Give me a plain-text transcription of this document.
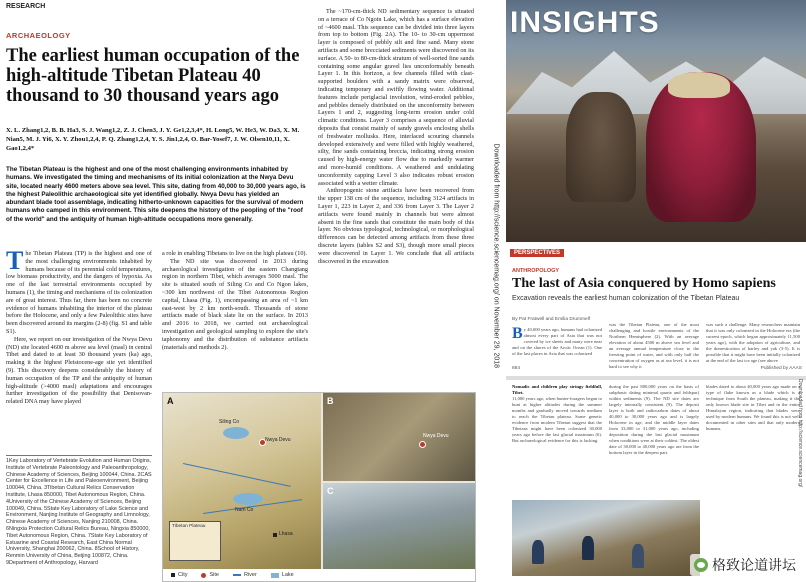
RESEARCH
ARCHAEOLOGY
The earliest human occupation of the high-altitude Tibetan Plateau 40 thousand to 30 thousand years ago
X. L. Zhang1,2, B. B. Ha3, S. J. Wang1,2, Z. J. Chen3, J. Y. Ge1,2,3,4*, H. Long5, W. He3, W. Da3, X. M. Nian5, M. J. Yi6, X. Y. Zhou1,2,4, P. Q. Zhang1,2,4, Y. S. Jin1,2,4, O. Bar-Yosef7, J. W. Olsen10,11, X. Gao1,2,4*
The Tibetan Plateau is the highest and one of the most challenging environments inhabited by humans. We investigated the timing and mechanisms of its initial colonization at the Nwya Devu site, located nearly 4600 meters above sea level. This site, dating from 40,000 to 30,000 years ago, is the highest Paleolithic archaeological site yet identified globally. Nwya Devu has yielded an abundant blade tool assemblage, indicating hitherto-unknown capacities for the survival of modern humans who camped in this environment. This site deepens the history of the peopling of the "roof of the world" and the antiquity of human high-altitude occupations more generally.
The Tibetan Plateau (TP) is the highest and one of the most challenging environments inhabited by humans because of its perennial cold temperatures, low biomass productivity, and the dangers of hypoxia. As one of the last terrestrial environments occupied by humans (1), the timing and mechanisms of its colonization are of great interest. Thus far, there has been no concrete evidence of humans inhabiting the interior of the plateau before the Holocene, and only a few Paleolithic sites have been discovered around its margins (2-8) (fig. S1 and table S1).
Here, we report on our investigation of the Nwya Devu (ND) site located 4600 m above sea level (masl) in central Tibet and dated to at least 30 thousand years (ka) ago, making it the highest Pleistocene-age site yet identified (9). This discovery deepens considerably the history of human occupation of the TP and the antiquity of human high-altitude (>4000 masl) adaptations and encourages further investigation of the possibility that Denisovan-related DNA may have played
1Key Laboratory of Vertebrate Evolution and Human Origins, Institute of Vertebrate Paleontology and Paleoanthropology, Chinese Academy of Sciences, Beijing 100044, China. 2CAS Center for Excellence in Life and Paleoenvironment, Beijing 100044, China. 3Tibetan Cultural Relics Conservation Institute, Lhasa 850000, Tibet Autonomous Region, China. 4University of the Chinese Academy of Sciences, Beijing 100049, China. 5State Key Laboratory of Lake Science and Environment, Nanjing Institute of Geography and Limnology, Chinese Academy of Sciences, Nanjing 210008, China. 6Ningxia Protection Cultural Relics Bureau, Ningxia 850000, Tibet Autonomous Region, China. 7State Key Laboratory of Estuarine and Coastal Research, East China Normal University, Shanghai 200062, China. 8School of History, Renmin University of China, Beijing 100872, China. 9Department of Anthropology, Harvard
a role in enabling Tibetans to live on the high plateau (10).
The ND site was discovered in 2013 during archaeological investigation of the eastern Changtang region in northern Tibet, which averages 5000 masl. The site is situated south of Siling Co and Co Ngon lakes, ~300 km northwest of the Tibet Autonomous Region capital, Lhasa (Fig. 1), encompassing an area of ~1 km east-west by 2 km north-south. Thousands of stone artifacts made of black slate lie on the surface. In 2013 and 2016 to 2018, we carried out archaeological investigation and geological sampling to explore the site's taphonomy and the distribution of substance artifacts (materials and methods 2).
The ~170-cm-thick ND sedimentary sequence is situated on a terrace of Co Ngoin Lake, which has a surface elevation of ~4600 masl. This sequence can be divided into three layers from top to bottom (Fig. 2A). The 10- to 30-cm uppermost layer is composed of pebbly silt and fine sand. Many stone artifacts and some brecciated sediments were discovered on its surface. A 50- to 80-cm-thick stratum of well-sorted fine sands containing some angular gravel lies unconformably beneath Layer 1. In this horizon, a few channels filled with clast-supported boulders with a sandy matrix were observed, indicating temporary and swiftly flowing water. Additional features include periglacial involution, wind-eroded pebbles, and pebbles densely distributed on the unconformity between Layers 1 and 2, suggesting long-term erosion under cold climatic conditions. Layer 3 comprises a sequence of alluvial deposits that consist mainly of sandy gravels enclosing shells of freshwater mollusks. Here, interlaced scouring channels developed extensively and were filled with highly weathered, silty, fine sands containing breccia, indicating strong erosion caused by high-energy water flow due to markedly warmer and more-humid conditions. A weathered and undulating unconformity capping Level 3 also indicates robust erosion associated with a wetter climate.
Anthropogenic stone artifacts have been recovered from the upper 138 cm of the sequence, including 3124 artifacts in Layer 1, 223 in Layer 2, and 336 from Layer 3. The Layer 2 artifacts were found mainly in channels but were almost absent in the fine sands that constitute the main body of this layer. No obvious typological, technological, or morphological differences can be detected among artifacts from these three discrete layers (tables S2 and S3), though more small pieces were discovered in Layer 1. We conclude that all artifacts discovered in the excavation
A
Nwya Devu
Siling Co
Nam Co
Lhasa
Tibetan Plateau
B
Nwya Devu
C
City	Site	River	Lake
Downloaded from http://science.sciencemag.org/ on November 29, 2018
INSIGHTS
PERSPECTIVES
ANTHROPOLOGY
The last of Asia conquered by Homo sapiens
Excavation reveals the earliest human colonization of the Tibetan Plateau
By Pat Fratwell and Emilia Drummelf
By 40,000 years ago, humans had colonized almost every part of Asia that was not covered by ice sheets and many were near and on the shores of the Arctic Ocean (1). One of the last places in Asia that was colonized
was the Tibetan Plateau, one of the most challenging and hostile environments of the Northern Hemisphere (2). With an average elevation of about 4500 m above sea level and an average annual temperature close to the freezing point of water, and with only half the concentration of oxygen as at sea level, it is not hard to see why it
was such a challenge. Many researchers maintain that it was only colonized in the Holocene era (the current epoch, which began approximately 11,500 years ago), with the adoption of agriculture, and the domestication of barley and yak (3-5). It is possible that it might have been initially colonized at the end of the last ice age (see above
884	Published by AAAS
Nomadic and children play stringy fieldfull, Tibet.
11,000 years ago, when hunter-foragers began to hunt at higher altitudes during the summer months and gradually moved towards medium to reach the Tibetan plateau. Some genetic evidence from modern Tibetan suggest that the Tibetans might have been colonized 30,000 years ago before the last glacial maximum (6). But archaeological evidence for this is lacking.
during the past 800,000 years on the basis of subphasic dating minimal quartz and feldspar) within sediments (9). The ND site dates are largely internally consistent (9). The deposit layer is both and radiocarbon dates of about 40,000 to 30,000 years ago and is largely Holocene in age, and the middle layer dates from 33,000 to 31,000 years ago, including deposition during the last glacial maximum when conditions were at their coldest. The oldest date of 30,000 to 40,000 years ago are from the bottom layer in the deepest part.
blades dated to about 40,000 years ago made on a type of flake known as a blade which is a technique from South the plateau, making it the only known blade site in Tibet and in the entire Himalayan region, indicating that blades were used by modern humans. We found this is not well documented in other sites and that only modern humans.	Downloaded from http://science.sciencemag.org/
格致论道讲坛
